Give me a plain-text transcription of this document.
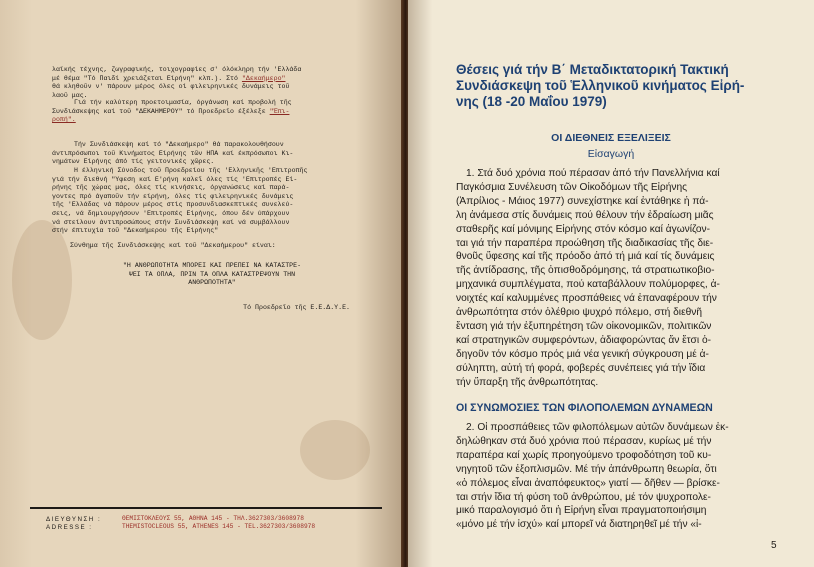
λαϊκής τέχνης, ζωγραφικής, τοιχογραφίες σ' όλόκληρη τήν 'Ελλάδα

μέ θέμα "Τό Παιδί χρειάζεται Είρήνη" κλπ.). Στό "Δεκαήμερο"

θά κληθοῦν ν' πάρουν μέρος όλες οί φιλειρηνικές δυνάμεις τοῦ

λαοῦ μας.

Γιά τήν καλύτερη προετοιμασία, όργάνωση καί προβολή τῆς

Συνδιάσκεψης καί τοῦ "ΔΕΚΑΗΜΕΡΟΥ" τό Προεδρεῖο έξέλεξε "Έπι-

ροπή".

Τήν Συνδιάσκεψη καί τό "Δεκαήμερο" θά παρακολουθήσουν

άντιπρόσωποι τοῦ Κινήματος Είρήνης τῶν ΗΠΑ καί έκπρόσωποι Κι-

νημάτων Είρήνης άπό τίς γειτονικές χῶρες.

Η έλληνική Σύνοδος τοῦ Προεδρείου τῆς 'Ελληνικῆς 'Επιτροπῆς

γιά τήν διεθνή "Υφεση καί Ε'ρήνη καλεῖ όλες τίς 'Επιτροπές Εί-

ρήνης τῆς χώρας μας, όλες τίς κινήσεις, όργανώσεις καί παρά-

γοντες πρό άγαποῦν τήν είρήνη, όλες τίς φιλειρηνικές δυνάμεις

τῆς 'Ελλάδας νά πάρουν μέρος στίς προσυνδιασκεπτικές συνελεύ-

σεις, νά δημιουργήσουν 'Επιτροπές Είρήνης, όπου δέν ύπάρχουν

νά στείλουν άντιπροσώπους στήν Συνδιάσκεψη καί νά συμβάλλουν

στήν έπιτυχία τοῦ "Δεκαήμερου τῆς Είρήνης"

Σύνθημα τῆς Συνδιάσκεψης καί τοῦ "Δεκαήμερου" είναι:

"Η ΑΝΘΡΩΠΟΤΗΤΑ ΜΠΟΡΕΙ ΚΑΙ ΠΡΕΠΕΙ ΝΑ ΚΑΤΑΣΤΡΕ-

ΨΕΙ ΤΑ ΟΠΛΑ, ΠΡΙΝ ΤΑ ΟΠΛΑ ΚΑΤΑΣΤΡΕΨΟΥΝ ΤΗΝ

ΑΝΘΡΩΠΟΤΗΤΑ"

Τό Προεδρεῖο τῆς Ε.Ε.Δ.Υ.Ε.
ΔΙΕΥΘΥΝΣΗ :
ADRESSE :
ΘΕΜΙΣΤΟΚΛΕΟΥΣ 55, ΑΘΗΝΑ 145 - ΤΗΛ.3627303/3608978
THEMISTOCLEOUS 55, ATHENES 145 - TEL.3627303/3608978
Θέσεις γιά τήν Β΄ Μεταδικτατορική Τακτική
Συνδιάσκεψη τοῦ Ἑλληνικοῦ κινήματος Εἰρή-
νης (18 -20 Μαΐου 1979)
ΟΙ ΔΙΕΘΝΕΙΣ ΕΞΕΛΙΞΕΙΣ
Εἰσαγωγή
1. Στά δυό χρόνια πού πέρασαν ἀπό τήν Πανελλήνια καί
Παγκόσμια Συνέλευση τῶν Οἰκοδόμων τῆς Εἰρήνης
(Ἀπρίλιος - Μάιος 1977) συνεχίστηκε καί ἐντάθηκε ἡ πά-
λη ἀνάμεσα στίς δυνάμεις πού θέλουν τήν ἐδραίωση μιᾶς
σταθερῆς καί μόνιμης Εἰρήνης στόν κόσμο καί ἀγωνίζον-
ται γιά τήν παραπέρα προώθηση τῆς διαδικασίας τῆς διε-
θνοῦς ὕφεσης καί τῆς πρόοδο ἀπό τή μιά καί τίς δυνάμεις
τῆς ἀντίδρασης, τῆς ὀπισθοδρόμησης, τά στρατιωτικοβιο-
μηχανικά συμπλέγματα, πού καταβάλλουν πολύμορφες, ἀ-
νοιχτές καί καλυμμένες προσπάθειες νά ἐπαναφέρουν τήν
ἀνθρωπότητα στόν ὀλέθριο ψυχρό πόλεμο, στή διεθνῆ
ἔνταση γιά τήν ἐξυπηρέτηση τῶν οἰκονομικῶν, πολιτικῶν
καί στρατηγικῶν συμφερόντων, ἀδιαφορώντας ἄν ἔτσι ὁ-
δηγοῦν τόν κόσμο πρός μιά νέα γενική σύγκρουση μέ ἀ-
σύληπτη, αὐτή τή φορά, φοβερές συνέπειες γιά τήν ἴδια
τήν ὕπαρξη τῆς ἀνθρωπότητας.
ΟΙ ΣΥΝΩΜΟΣΙΕΣ ΤΩΝ ΦΙΛΟΠΟΛΕΜΩΝ ΔΥΝΑΜΕΩΝ
2. Οἱ προσπάθειες τῶν φιλοπόλεμων αὐτῶν δυνάμεων ἐκ-
δηλώθηκαν στά δυό χρόνια πού πέρασαν, κυρίως μέ τήν
παραπέρα καί χωρίς προηγούμενο τροφοδότηση τοῦ κυ-
νηγητοῦ τῶν ἐξοπλισμῶν. Μέ τήν ἀπάνθρωπη θεωρία, ὅτι
«ὁ πόλεμος εἶναι ἀναπόφευκτος» γιατί — δῆθεν — βρίσκε-
ται στήν ἴδια τή φύση τοῦ ἀνθρώπου, μέ τόν ψυχροπολε-
μικό παραλογισμό ὅτι ἡ Εἰρήνη εἶναι πραγματοποιήσιμη
«μόνο μέ τήν ἰσχύ» καί μπορεῖ νά διατηρηθεῖ μέ τήν «ἰ-
5
